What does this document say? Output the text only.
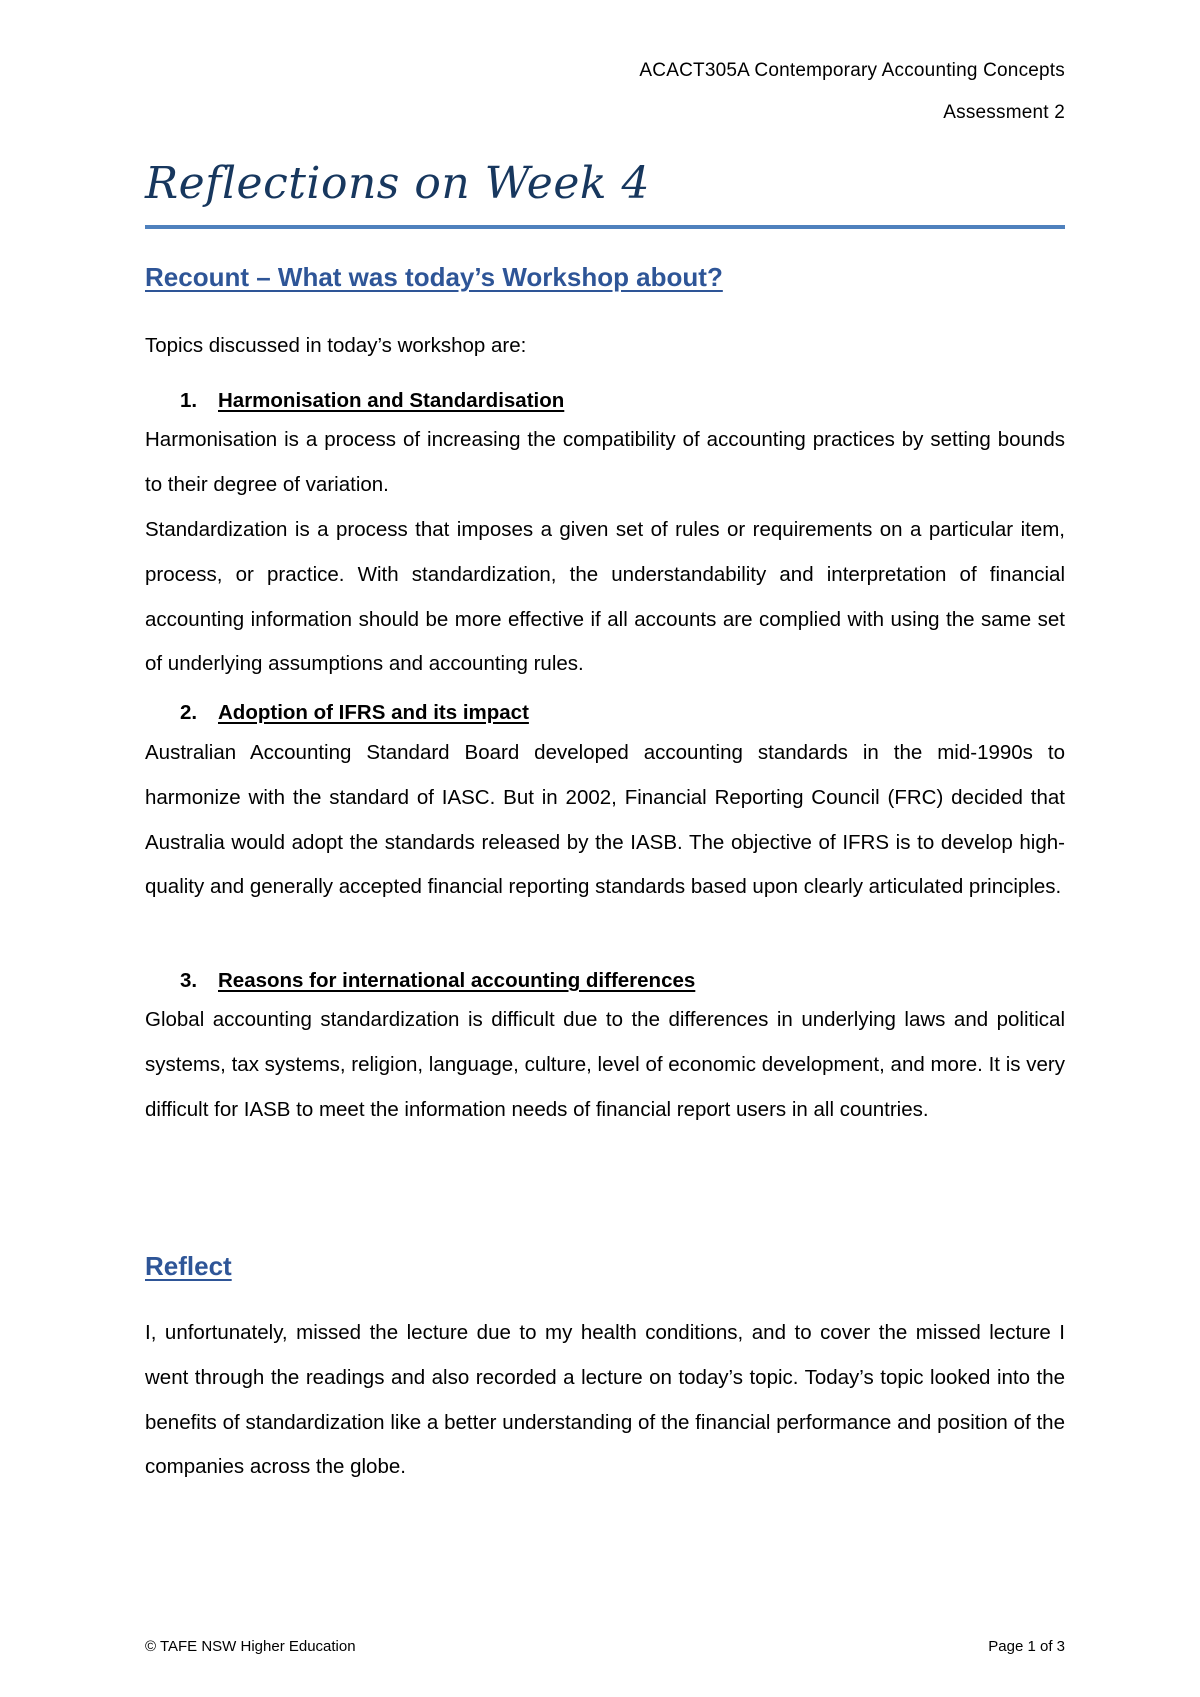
ACACT305A Contemporary Accounting Concepts
Assessment 2
Reflections on Week 4
Recount – What was today’s Workshop about?
Topics discussed in today’s workshop are:
1. Harmonisation and Standardisation
Harmonisation is a process of increasing the compatibility of accounting practices by setting bounds to their degree of variation.
Standardization is a process that imposes a given set of rules or requirements on a particular item, process, or practice. With standardization, the understandability and interpretation of financial accounting information should be more effective if all accounts are complied with using the same set of underlying assumptions and accounting rules.
2. Adoption of IFRS and its impact
Australian Accounting Standard Board developed accounting standards in the mid-1990s to harmonize with the standard of IASC. But in 2002, Financial Reporting Council (FRC) decided that Australia would adopt the standards released by the IASB. The objective of IFRS is to develop high-quality and generally accepted financial reporting standards based upon clearly articulated principles.
3. Reasons for international accounting differences
Global accounting standardization is difficult due to the differences in underlying laws and political systems, tax systems, religion, language, culture, level of economic development, and more. It is very difficult for IASB to meet the information needs of financial report users in all countries.
Reflect
I, unfortunately, missed the lecture due to my health conditions, and to cover the missed lecture I went through the readings and also recorded a lecture on today’s topic. Today’s topic looked into the benefits of standardization like a better understanding of the financial performance and position of the companies across the globe.
© TAFE NSW Higher Education	Page 1 of 3
